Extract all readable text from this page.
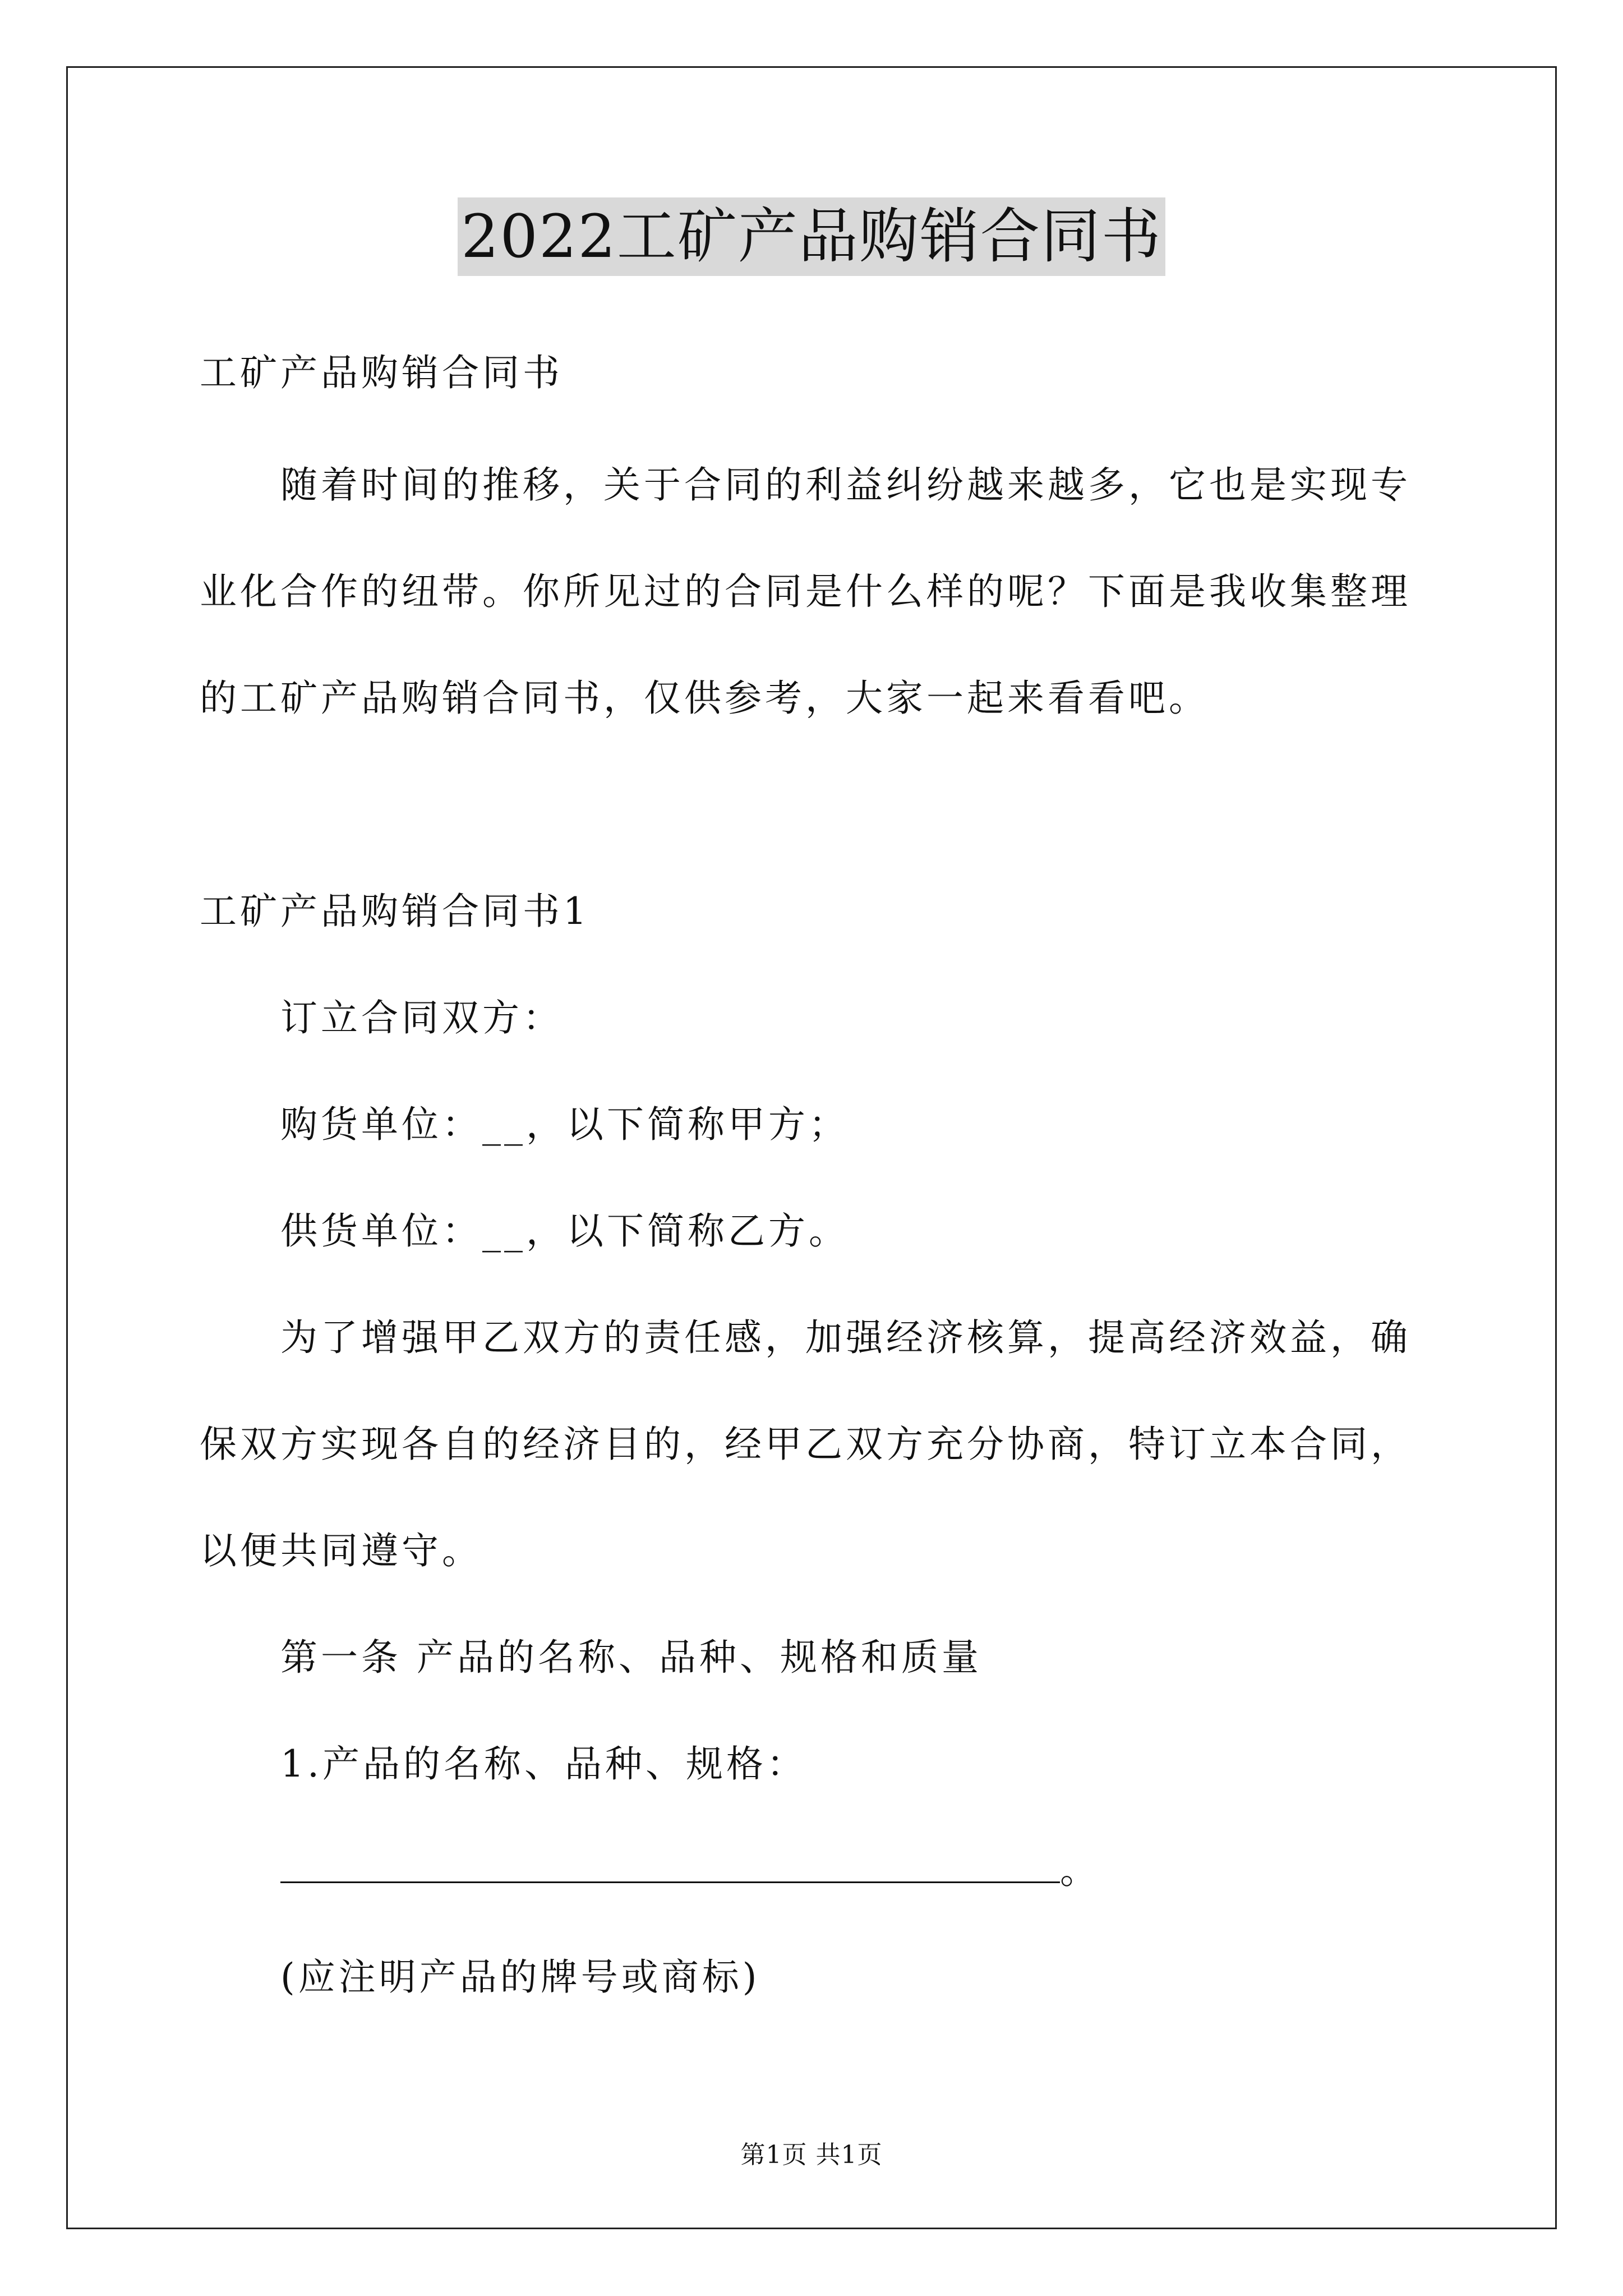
2022工矿产品购销合同书
工矿产品购销合同书
随着时间的推移，关于合同的利益纠纷越来越多，它也是实现专
业化合作的纽带。你所见过的合同是什么样的呢？下面是我收集整理
的工矿产品购销合同书，仅供参考，大家一起来看看吧。
工矿产品购销合同书1
订立合同双方：
购货单位：__，以下简称甲方；
供货单位：__，以下简称乙方。
为了增强甲乙双方的责任感，加强经济核算，提高经济效益，确
保双方实现各自的经济目的，经甲乙双方充分协商，特订立本合同，
以便共同遵守。
第一条 产品的名称、品种、规格和质量
1.产品的名称、品种、规格：
。
(应注明产品的牌号或商标)
第1页 共1页
